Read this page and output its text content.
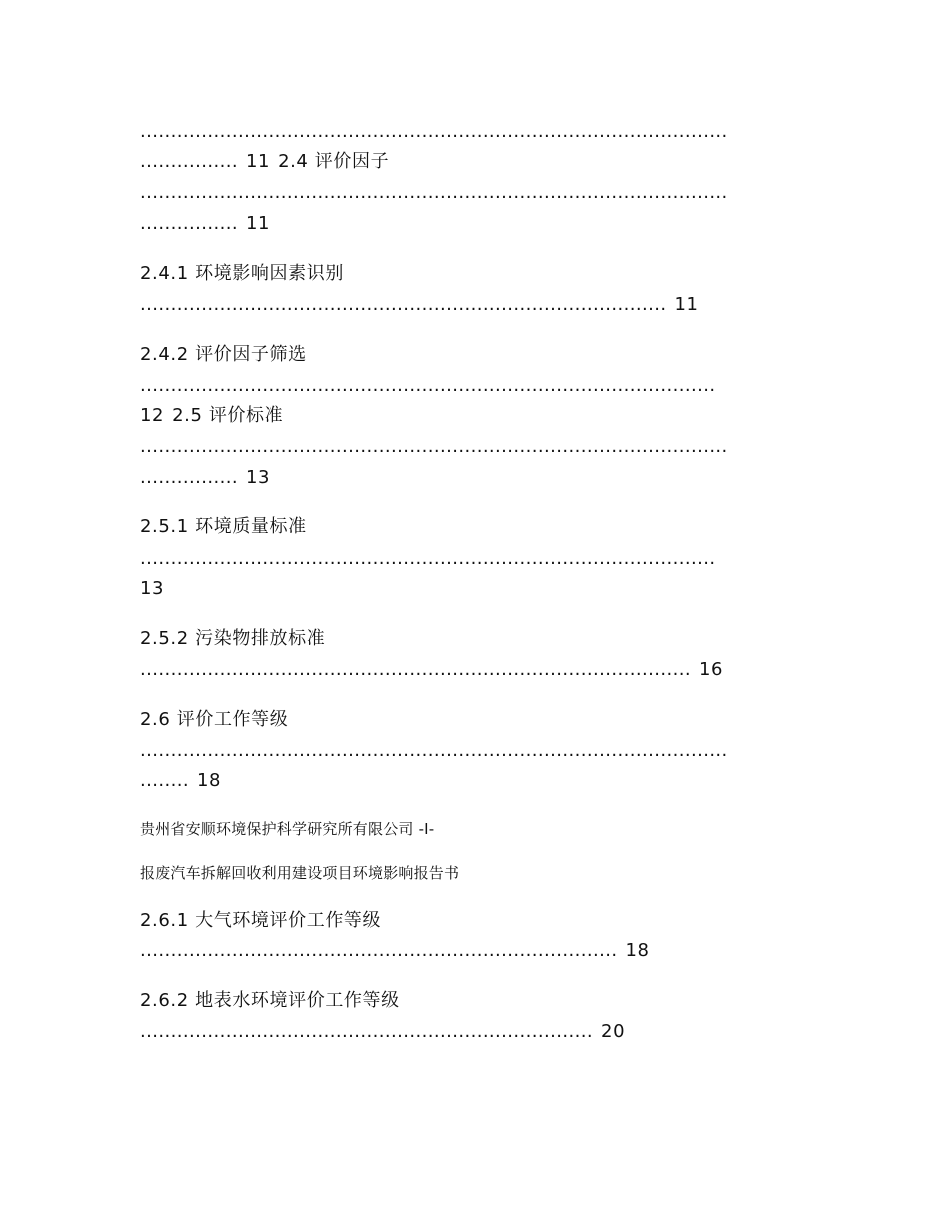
................................................................................................
................ 11 2.4 评价因子
................................................................................................
................ 11
2.4.1 环境影响因素识别
...................................................................................... 11
2.4.2 评价因子筛选
..............................................................................................
12 2.5 评价标准
................................................................................................
................ 13
2.5.1 环境质量标准
..............................................................................................
13
2.5.2 污染物排放标准
.......................................................................................... 16
2.6 评价工作等级
................................................................................................
........ 18
贵州省安顺环境保护科学研究所有限公司 -I-
报废汽车拆解回收利用建设项目环境影响报告书
2.6.1 大气环境评价工作等级
.............................................................................. 18
2.6.2 地表水环境评价工作等级
.......................................................................... 20
